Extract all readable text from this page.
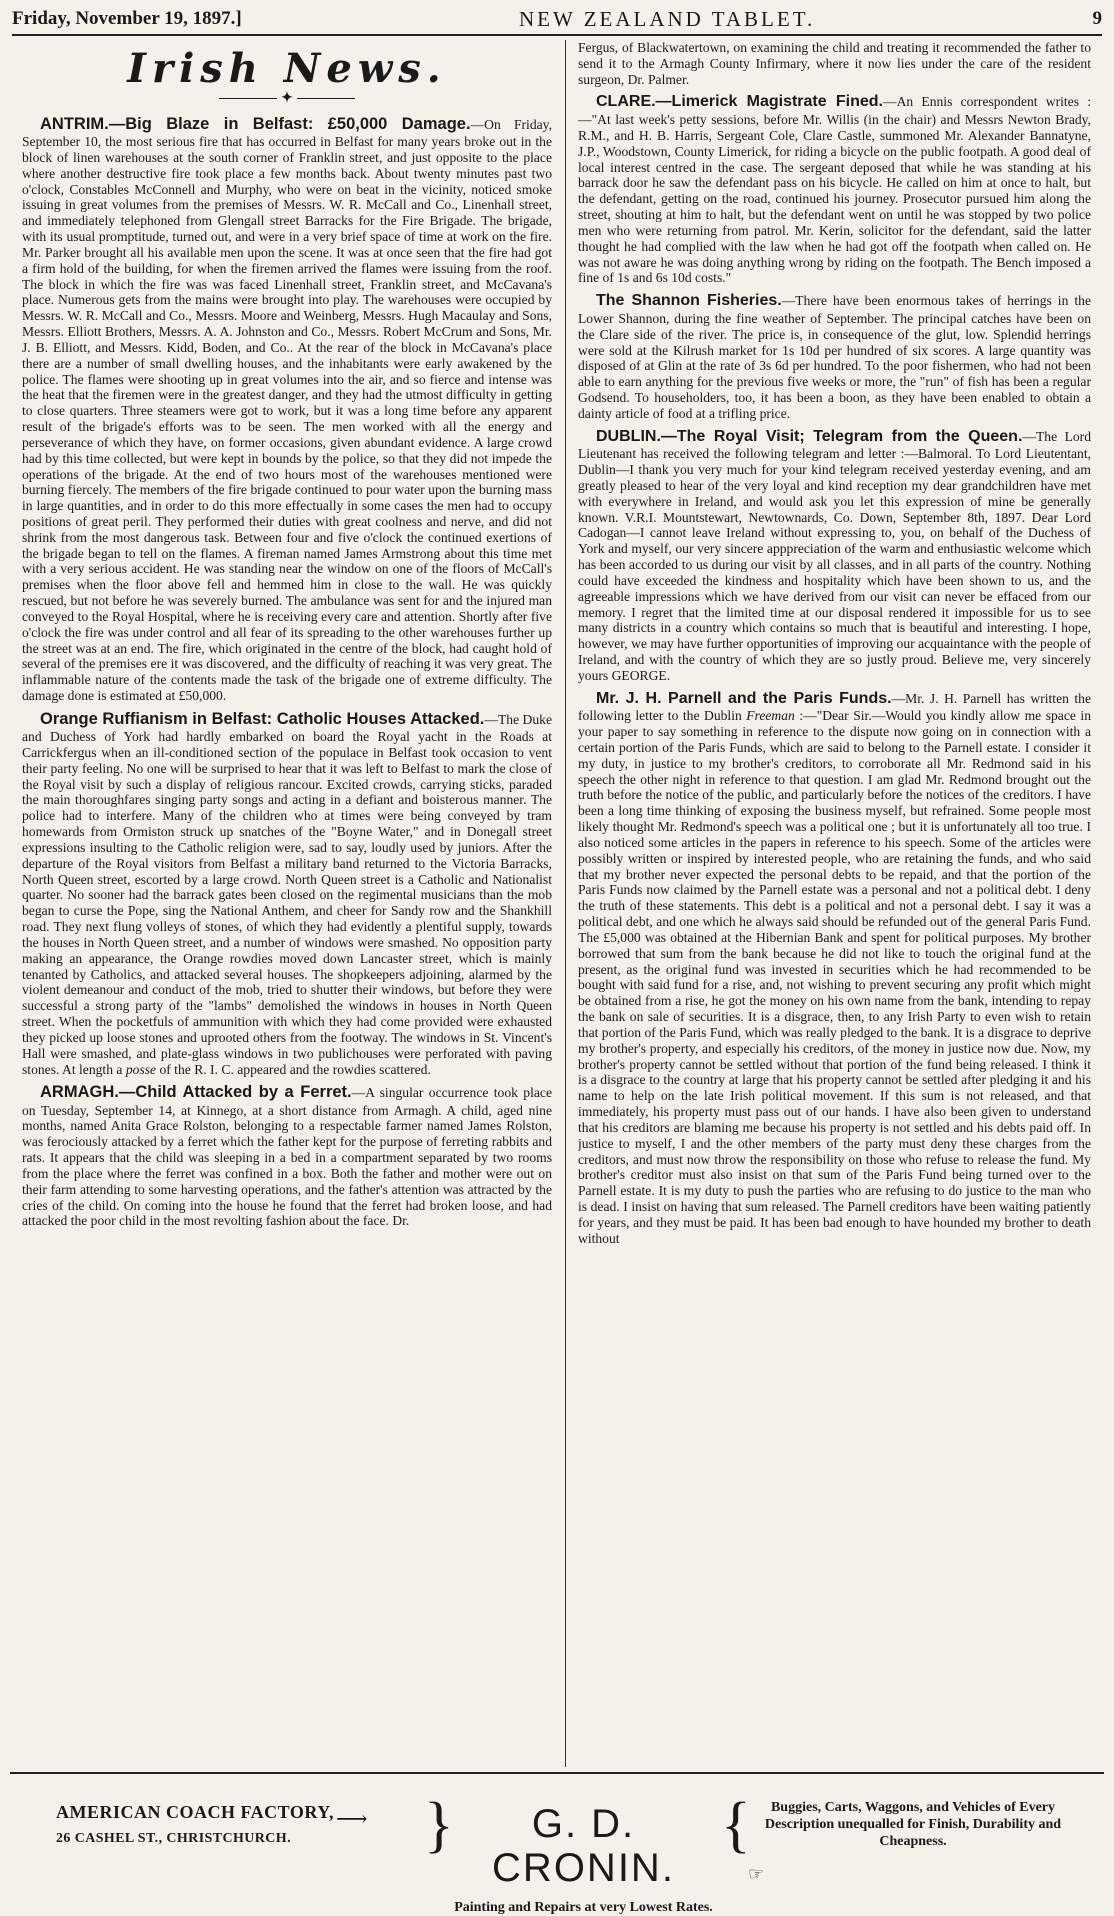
Friday, November 19, 1897.]	NEW ZEALAND TABLET.	9
Irish News.
✦

ANTRIM.—Big Blaze in Belfast: £50,000 Damage.—On Friday, September 10, the most serious fire that has occurred in Belfast for many years broke out in the block of linen warehouses at the south corner of Franklin street, and just opposite to the place where another destructive fire took place a few months back. About twenty minutes past two o'clock, Constables McConnell and Murphy, who were on beat in the vicinity, noticed smoke issuing in great volumes from the premises of Messrs. W. R. McCall and Co., Linenhall street, and immediately telephoned from Glengall street Barracks for the Fire Brigade. The brigade, with its usual promptitude, turned out, and were in a very brief space of time at work on the fire. Mr. Parker brought all his available men upon the scene. It was at once seen that the fire had got a firm hold of the building, for when the firemen arrived the flames were issuing from the roof. The block in which the fire was was faced Linenhall street, Franklin street, and McCavana's place. Numerous gets from the mains were brought into play. The warehouses were occupied by Messrs. W. R. McCall and Co., Messrs. Moore and Weinberg, Messrs. Hugh Macaulay and Sons, Messrs. Elliott Brothers, Messrs. A. A. Johnston and Co., Messrs. Robert McCrum and Sons, Mr. J. B. Elliott, and Messrs. Kidd, Boden, and Co.. At the rear of the block in McCavana's place there are a number of small dwelling houses, and the inhabitants were early awakened by the police. The flames were shooting up in great volumes into the air, and so fierce and intense was the heat that the firemen were in the greatest danger, and they had the utmost difficulty in getting to close quarters. Three steamers were got to work, but it was a long time before any apparent result of the brigade's efforts was to be seen. The men worked with all the energy and perseverance of which they have, on former occasions, given abundant evidence. A large crowd had by this time collected, but were kept in bounds by the police, so that they did not impede the operations of the brigade. At the end of two hours most of the warehouses mentioned were burning fiercely. The members of the fire brigade continued to pour water upon the burning mass in large quantities, and in order to do this more effectually in some cases the men had to occupy positions of great peril. They performed their duties with great coolness and nerve, and did not shrink from the most dangerous task. Between four and five o'clock the continued exertions of the brigade began to tell on the flames. A fireman named James Armstrong about this time met with a very serious accident. He was standing near the window on one of the floors of McCall's premises when the floor above fell and hemmed him in close to the wall. He was quickly rescued, but not before he was severely burned. The ambulance was sent for and the injured man conveyed to the Royal Hospital, where he is receiving every care and attention. Shortly after five o'clock the fire was under control and all fear of its spreading to the other warehouses further up the street was at an end. The fire, which originated in the centre of the block, had caught hold of several of the premises ere it was discovered, and the difficulty of reaching it was very great. The inflammable nature of the contents made the task of the brigade one of extreme difficulty. The damage done is estimated at £50,000.

Orange Ruffianism in Belfast: Catholic Houses Attacked.—The Duke and Duchess of York had hardly embarked on board the Royal yacht in the Roads at Carrickfergus when an ill-conditioned section of the populace in Belfast took occasion to vent their party feeling. No one will be surprised to hear that it was left to Belfast to mark the close of the Royal visit by such a display of religious rancour. Excited crowds, carrying sticks, paraded the main thoroughfares singing party songs and acting in a defiant and boisterous manner. The police had to interfere. Many of the children who at times were being conveyed by tram homewards from Ormiston struck up snatches of the "Boyne Water," and in Donegall street expressions insulting to the Catholic religion were, sad to say, loudly used by juniors. After the departure of the Royal visitors from Belfast a military band returned to the Victoria Barracks, North Queen street, escorted by a large crowd. North Queen street is a Catholic and Nationalist quarter. No sooner had the barrack gates been closed on the regimental musicians than the mob began to curse the Pope, sing the National Anthem, and cheer for Sandy row and the Shankhill road. They next flung volleys of stones, of which they had evidently a plentiful supply, towards the houses in North Queen street, and a number of windows were smashed. No opposition party making an appearance, the Orange rowdies moved down Lancaster street, which is mainly tenanted by Catholics, and attacked several houses. The shopkeepers adjoining, alarmed by the violent demeanour and conduct of the mob, tried to shutter their windows, but before they were successful a strong party of the "lambs" demolished the windows in houses in North Queen street. When the pocketfuls of ammunition with which they had come provided were exhausted they picked up loose stones and uprooted others from the footway. The windows in St. Vincent's Hall were smashed, and plate-glass windows in two publichouses were perforated with paving stones. At length a posse of the R. I. C. appeared and the rowdies scattered.

ARMAGH.—Child Attacked by a Ferret.—A singular occurrence took place on Tuesday, September 14, at Kinnego, at a short distance from Armagh. A child, aged nine months, named Anita Grace Rolston, belonging to a respectable farmer named James Rolston, was ferociously attacked by a ferret which the father kept for the purpose of ferreting rabbits and rats. It appears that the child was sleeping in a bed in a compartment separated by two rooms from the place where the ferret was confined in a box. Both the father and mother were out on their farm attending to some harvesting operations, and the father's attention was attracted by the cries of the child. On coming into the house he found that the ferret had broken loose, and had attacked the poor child in the most revolting fashion about the face. Dr.

Fergus, of Blackwatertown, on examining the child and treating it recommended the father to send it to the Armagh County Infirmary, where it now lies under the care of the resident surgeon, Dr. Palmer.

CLARE.—Limerick Magistrate Fined.—An Ennis correspondent writes :—"At last week's petty sessions, before Mr. Willis (in the chair) and Messrs Newton Brady, R.M., and H. B. Harris, Sergeant Cole, Clare Castle, summoned Mr. Alexander Bannatyne, J.P., Woodstown, County Limerick, for riding a bicycle on the public footpath. A good deal of local interest centred in the case. The sergeant deposed that while he was standing at his barrack door he saw the defendant pass on his bicycle. He called on him at once to halt, but the defendant, getting on the road, continued his journey. Prosecutor pursued him along the street, shouting at him to halt, but the defendant went on until he was stopped by two police men who were returning from patrol. Mr. Kerin, solicitor for the defendant, said the latter thought he had complied with the law when he had got off the footpath when called on. He was not aware he was doing anything wrong by riding on the footpath. The Bench imposed a fine of 1s and 6s 10d costs."

The Shannon Fisheries.—There have been enormous takes of herrings in the Lower Shannon, during the fine weather of September. The principal catches have been on the Clare side of the river. The price is, in consequence of the glut, low. Splendid herrings were sold at the Kilrush market for 1s 10d per hundred of six scores. A large quantity was disposed of at Glin at the rate of 3s 6d per hundred. To the poor fishermen, who had not been able to earn anything for the previous five weeks or more, the "run" of fish has been a regular Godsend. To householders, too, it has been a boon, as they have been enabled to obtain a dainty article of food at a trifling price.

DUBLIN.—The Royal Visit; Telegram from the Queen.—The Lord Lieutenant has received the following telegram and letter :—Balmoral. To Lord Lieutentant, Dublin—I thank you very much for your kind telegram received yesterday evening, and am greatly pleased to hear of the very loyal and kind reception my dear grandchildren have met with everywhere in Ireland, and would ask you let this expression of mine be generally known. V.R.I. Mountstewart, Newtownards, Co. Down, September 8th, 1897. Dear Lord Cadogan—I cannot leave Ireland without expressing to, you, on behalf of the Duchess of York and myself, our very sincere apppreciation of the warm and enthusiastic welcome which has been accorded to us during our visit by all classes, and in all parts of the country. Nothing could have exceeded the kindness and hospitality which have been shown to us, and the agreeable impressions which we have derived from our visit can never be effaced from our memory. I regret that the limited time at our disposal rendered it impossible for us to see many districts in a country which contains so much that is beautiful and interesting. I hope, however, we may have further opportunities of improving our acquaintance with the people of Ireland, and with the country of which they are so justly proud. Believe me, very sincerely yours GEORGE.

Mr. J. H. Parnell and the Paris Funds.—Mr. J. H. Parnell has written the following letter to the Dublin Freeman :—"Dear Sir.—Would you kindly allow me space in your paper to say something in reference to the dispute now going on in connection with a certain portion of the Paris Funds, which are said to belong to the Parnell estate. I consider it my duty, in justice to my brother's creditors, to corroborate all Mr. Redmond said in his speech the other night in reference to that question. I am glad Mr. Redmond brought out the truth before the notice of the public, and particularly before the notices of the creditors. I have been a long time thinking of exposing the business myself, but refrained. Some people most likely thought Mr. Redmond's speech was a political one ; but it is unfortunately all too true. I also noticed some articles in the papers in reference to his speech. Some of the articles were possibly written or inspired by interested people, who are retaining the funds, and who said that my brother never expected the personal debts to be repaid, and that the portion of the Paris Funds now claimed by the Parnell estate was a personal and not a political debt. I deny the truth of these statements. This debt is a political and not a personal debt. I say it was a political debt, and one which he always said should be refunded out of the general Paris Fund. The £5,000 was obtained at the Hibernian Bank and spent for political purposes. My brother borrowed that sum from the bank because he did not like to touch the original fund at the present, as the original fund was invested in securities which he had recommended to be bought with said fund for a rise, and, not wishing to prevent securing any profit which might be obtained from a rise, he got the money on his own name from the bank, intending to repay the bank on sale of securities. It is a disgrace, then, to any Irish Party to even wish to retain that portion of the Paris Fund, which was really pledged to the bank. It is a disgrace to deprive my brother's property, and especially his creditors, of the money in justice now due. Now, my brother's property cannot be settled without that portion of the fund being released. I think it is a disgrace to the country at large that his property cannot be settled after pledging it and his name to help on the late Irish political movement. If this sum is not released, and that immediately, his property must pass out of our hands. I have also been given to understand that his creditors are blaming me because his property is not settled and his debts paid off. In justice to myself, I and the other members of the party must deny these charges from the creditors, and must now throw the responsibility on those who refuse to release the fund. My brother's creditor must also insist on that sum of the Paris Fund being turned over to the Parnell estate. It is my duty to push the parties who are refusing to do justice to the man who is dead. I insist on having that sum released. The Parnell creditors have been waiting patiently for years, and they must be paid. It has been bad enough to have hounded my brother to death without

AMERICAN COACH FACTORY,
26 CASHEL ST., CHRISTCHURCH.
⟶ }	G. D. CRONIN.
Painting and Repairs at very Lowest Rates.
{	Buggies, Carts, Waggons, and Vehicles of Every Description unequalled for Finish, Durability and Cheapness.
☞
